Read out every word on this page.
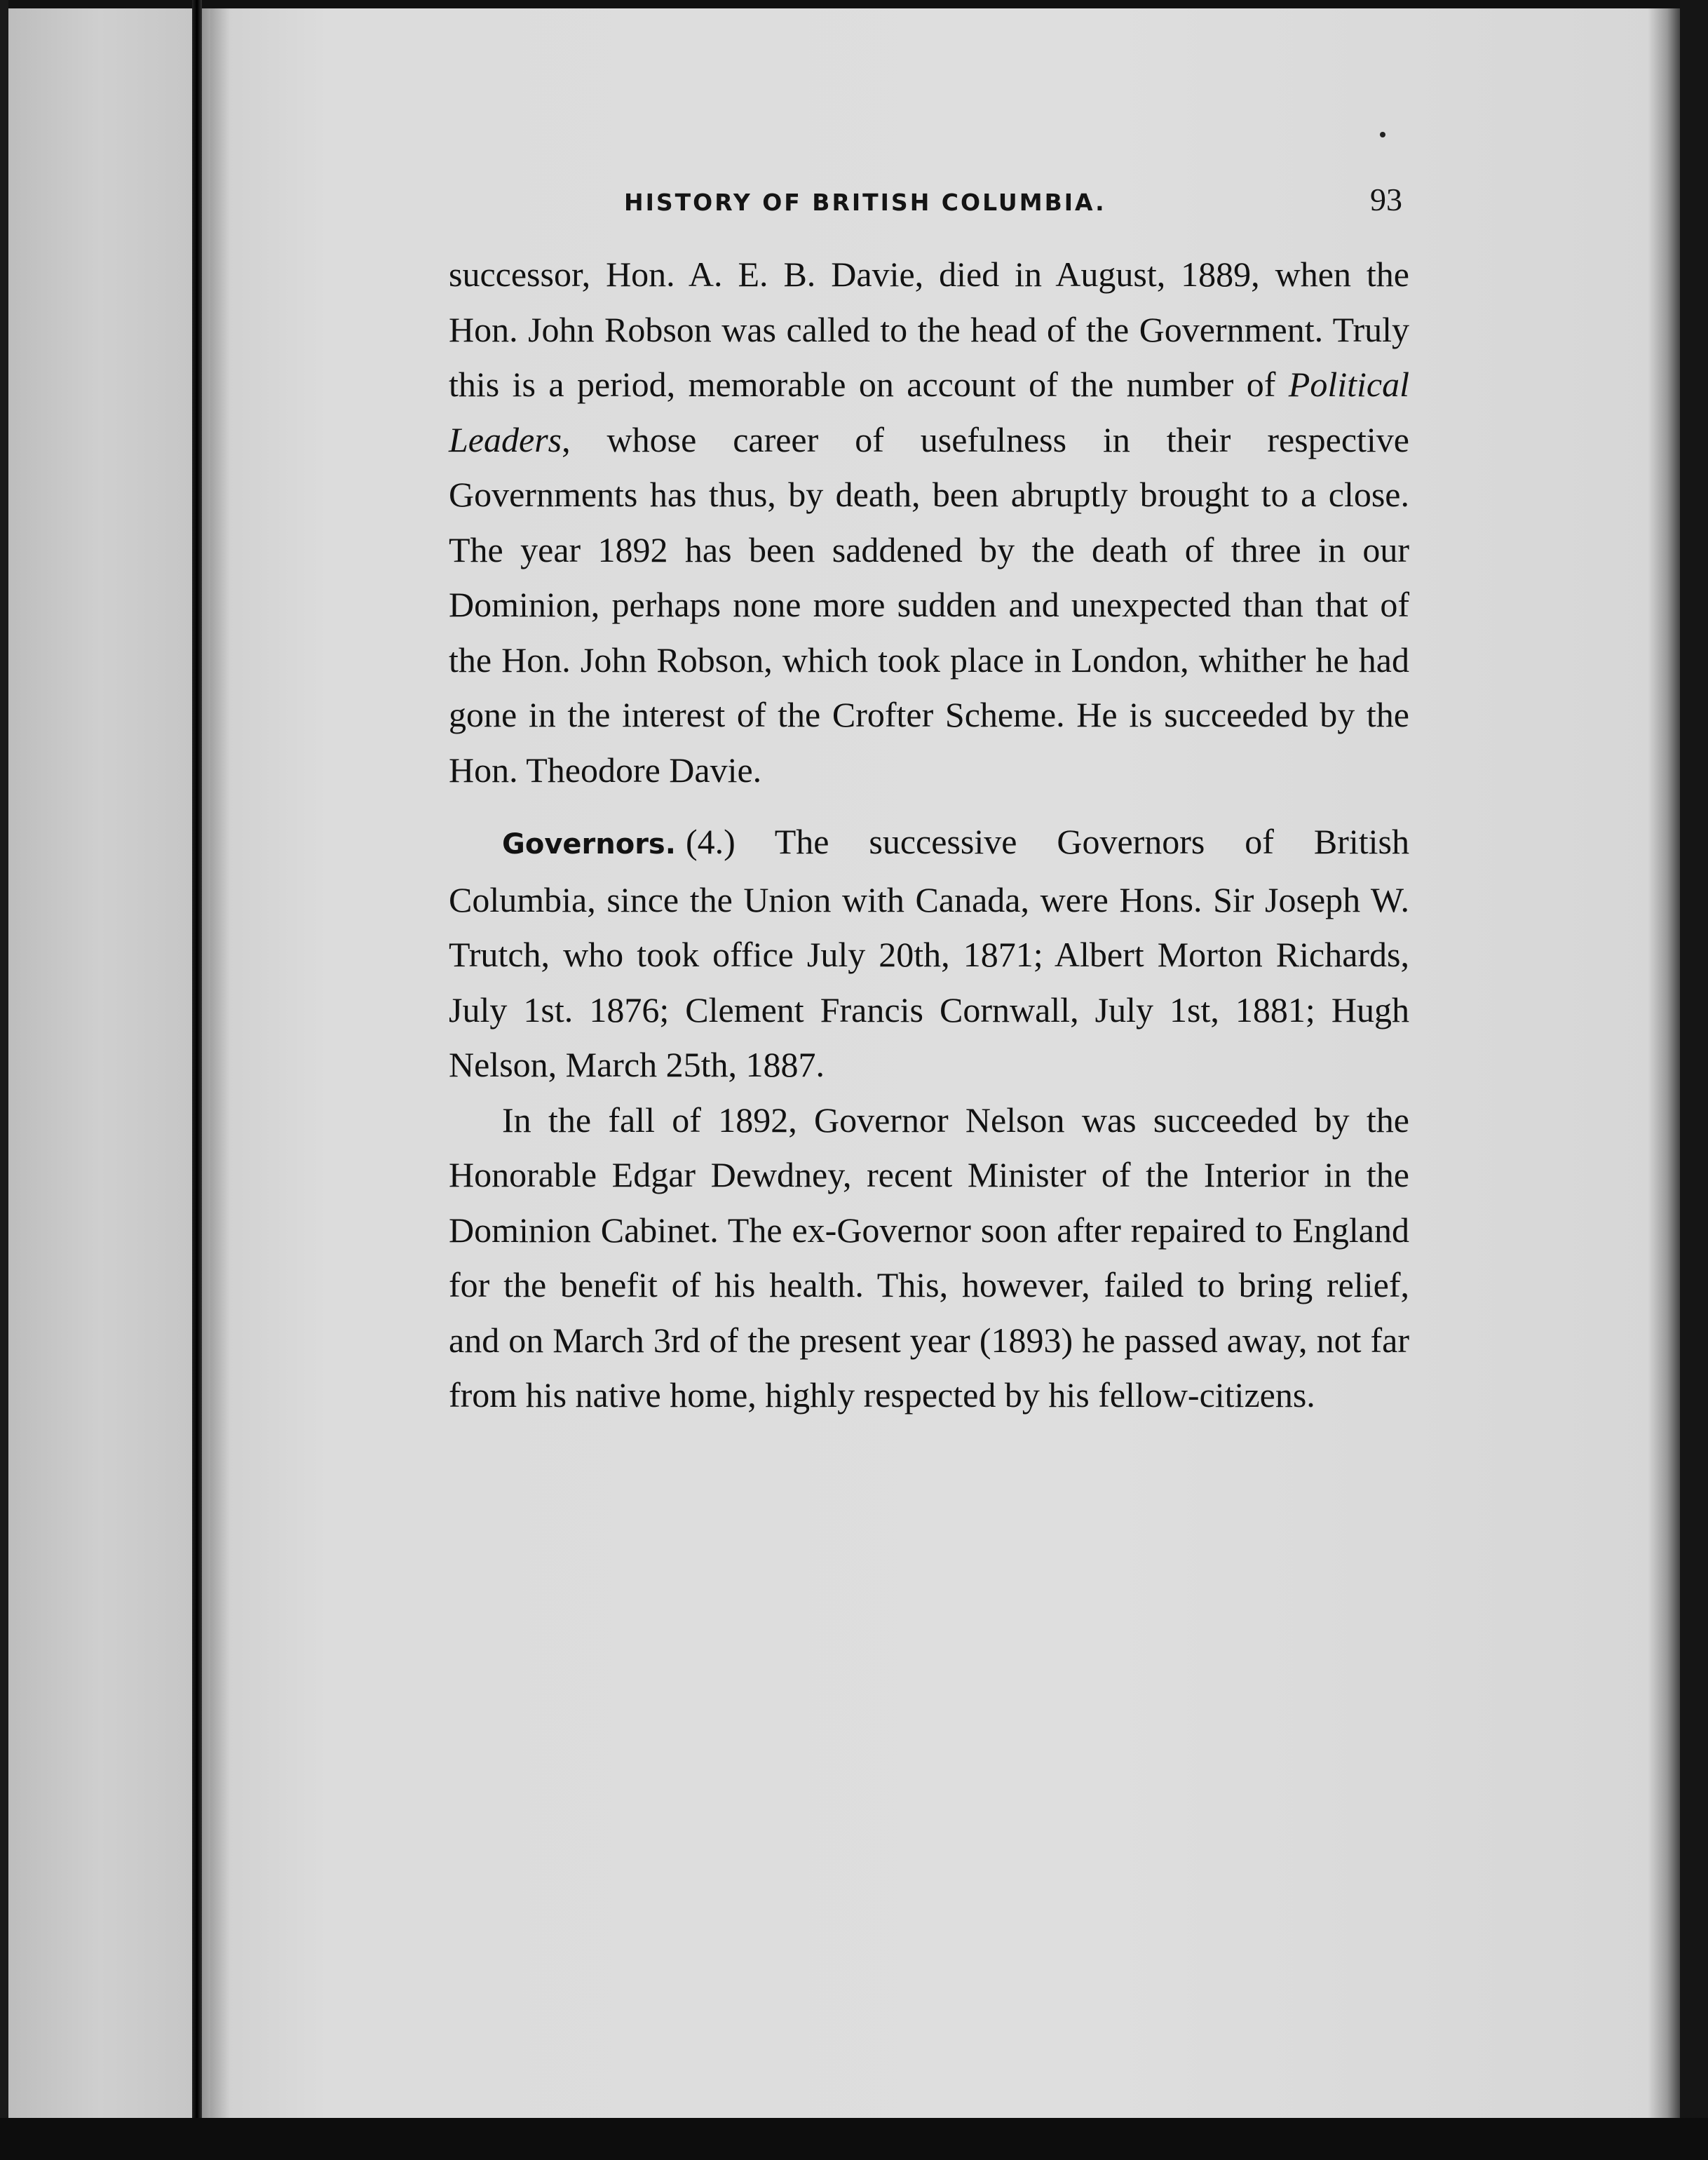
HISTORY OF BRITISH COLUMBIA.	93

successor, Hon. A. E. B. Davie, died in August, 1889, when the Hon. John Robson was called to the head of the Government. Truly this is a period, memorable on account of the number of Political Leaders, whose career of usefulness in their respective Governments has thus, by death, been abruptly brought to a close. The year 1892 has been saddened by the death of three in our Dominion, perhaps none more sudden and unexpected than that of the Hon. John Robson, which took place in London, whither he had gone in the interest of the Crofter Scheme. He is succeeded by the Hon. Theodore Davie.

Governors. (4.) The successive Governors of British Columbia, since the Union with Canada, were Hons. Sir Joseph W. Trutch, who took office July 20th, 1871; Albert Morton Richards, July 1st. 1876; Clement Francis Cornwall, July 1st, 1881; Hugh Nelson, March 25th, 1887.

In the fall of 1892, Governor Nelson was succeeded by the Honorable Edgar Dewdney, recent Minister of the Interior in the Dominion Cabinet. The ex-Governor soon after repaired to England for the benefit of his health. This, however, failed to bring relief, and on March 3rd of the present year (1893) he passed away, not far from his native home, highly respected by his fellow-citizens.
